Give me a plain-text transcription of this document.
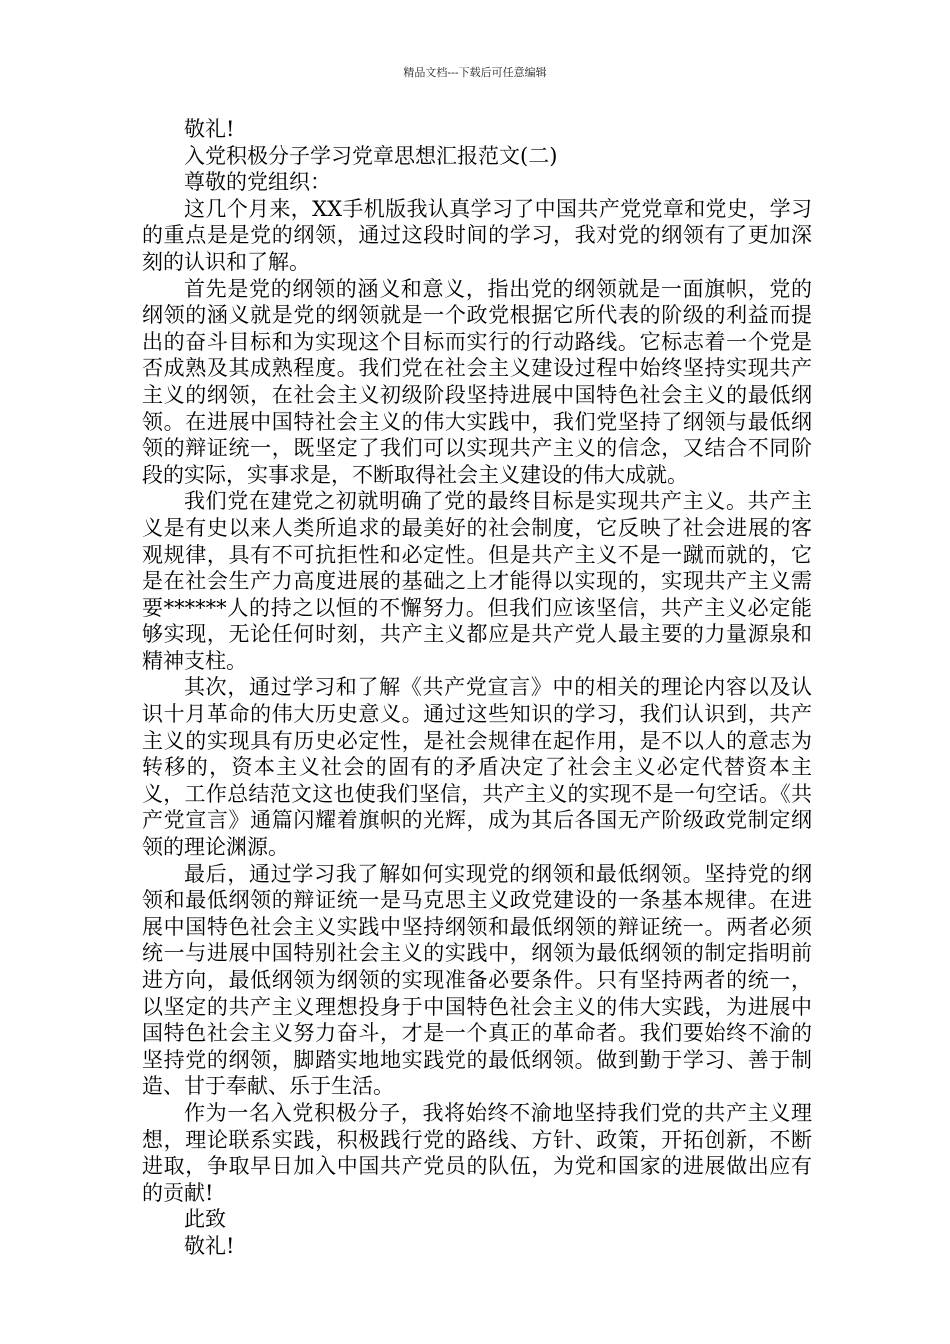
精品文档---下载后可任意编辑

敬礼!

入党积极分子学习党章思想汇报范文(二)

尊敬的党组织：

这几个月来，XX手机版我认真学习了中国共产党党章和党史，学习的重点是是党的纲领，通过这段时间的学习，我对党的纲领有了更加深刻的认识和了解。

首先是党的纲领的涵义和意义，指出党的纲领就是一面旗帜，党的纲领的涵义就是党的纲领就是一个政党根据它所代表的阶级的利益而提出的奋斗目标和为实现这个目标而实行的行动路线。它标志着一个党是否成熟及其成熟程度。我们党在社会主义建设过程中始终坚持实现共产主义的纲领，在社会主义初级阶段坚持进展中国特色社会主义的最低纲领。在进展中国特社会主义的伟大实践中，我们党坚持了纲领与最低纲领的辩证统一，既坚定了我们可以实现共产主义的信念，又结合不同阶段的实际，实事求是，不断取得社会主义建设的伟大成就。

我们党在建党之初就明确了党的最终目标是实现共产主义。共产主义是有史以来人类所追求的最美好的社会制度，它反映了社会进展的客观规律，具有不可抗拒性和必定性。但是共产主义不是一蹴而就的，它是在社会生产力高度进展的基础之上才能得以实现的，实现共产主义需要******人的持之以恒的不懈努力。但我们应该坚信，共产主义必定能够实现，无论任何时刻，共产主义都应是共产党人最主要的力量源泉和精神支柱。

其次，通过学习和了解《共产党宣言》中的相关的理论内容以及认识十月革命的伟大历史意义。通过这些知识的学习，我们认识到，共产主义的实现具有历史必定性，是社会规律在起作用，是不以人的意志为转移的，资本主义社会的固有的矛盾决定了社会主义必定代替资本主义，工作总结范文这也使我们坚信，共产主义的实现不是一句空话。《共产党宣言》通篇闪耀着旗帜的光辉，成为其后各国无产阶级政党制定纲领的理论渊源。

最后，通过学习我了解如何实现党的纲领和最低纲领。坚持党的纲领和最低纲领的辩证统一是马克思主义政党建设的一条基本规律。在进展中国特色社会主义实践中坚持纲领和最低纲领的辩证统一。两者必须统一与进展中国特别社会主义的实践中，纲领为最低纲领的制定指明前进方向，最低纲领为纲领的实现准备必要条件。只有坚持两者的统一，以坚定的共产主义理想投身于中国特色社会主义的伟大实践，为进展中国特色社会主义努力奋斗，才是一个真正的革命者。我们要始终不渝的坚持党的纲领，脚踏实地地实践党的最低纲领。做到勤于学习、善于制造、甘于奉献、乐于生活。

作为一名入党积极分子，我将始终不渝地坚持我们党的共产主义理想，理论联系实践，积极践行党的路线、方针、政策，开拓创新，不断进取，争取早日加入中国共产党员的队伍，为党和国家的进展做出应有的贡献!

此致

敬礼!
